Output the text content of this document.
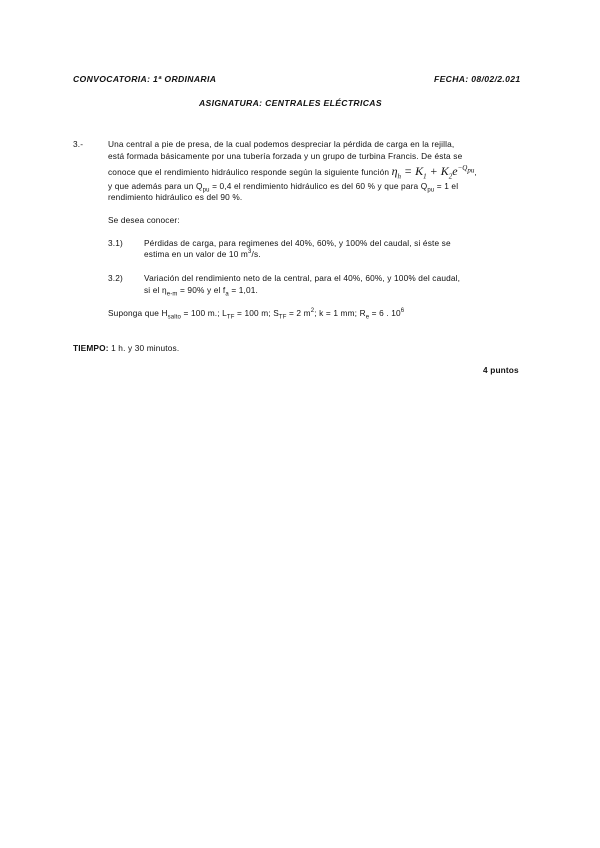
CONVOCATORIA: 1ª ORDINARIA	FECHA: 08/02/2.021
ASIGNATURA: CENTRALES ELÉCTRICAS
3.-	Una central a pie de presa, de la cual podemos despreciar la pérdida de carga en la rejilla,
está formada básicamente por una tubería forzada y un grupo de turbina Francis. De ésta se
conoce que el rendimiento hidráulico responde según la siguiente función $\eta_h = K_1 + K_2e^{-Q_{pu}}$,
y que además para un $Q_{pu} = 0,4$ el rendimiento hidráulico es del 60 % y que para $Q_{pu} = 1$ el
rendimiento hidráulico es del 90 %.
Se desea conocer:
3.1)	Pérdidas de carga, para regimenes del 40%, 60%, y 100% del caudal, si éste se
estima en un valor de 10 $m^3/s$.
3.2)	Variación del rendimiento neto de la central, para el 40%, 60%, y 100% del caudal,
si el $\eta_{e-m} = 90\%$ y el $f_a = 1,01$.
Suponga que $H_{salto} = 100$ m.; $L_{TF} = 100$ m; $S_{TF} = 2$ $m^2$; k = 1 mm; $R_e = 6$ . $10^6$
TIEMPO: 1 h. y 30 minutos.
4 puntos
